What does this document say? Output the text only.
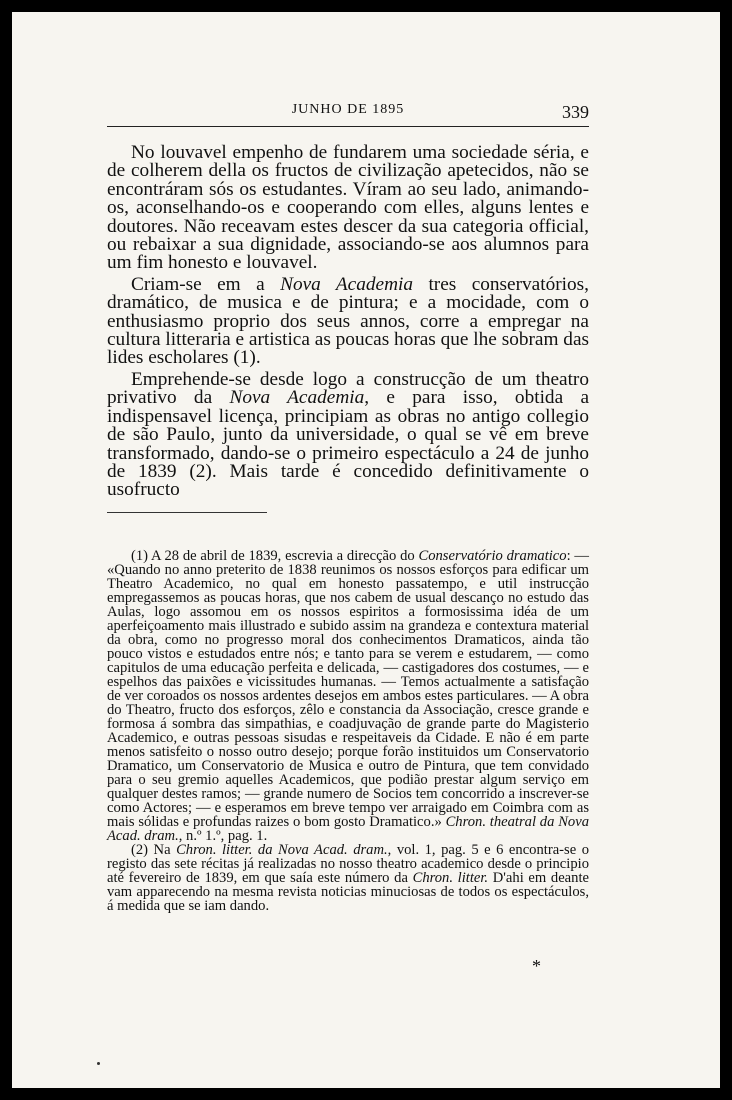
JUNHO DE 1895	339

No louvavel empenho de fundarem uma sociedade séria, e de colherem della os fructos de civilização apetecidos, não se encontráram sós os estudantes. Víram ao seu lado, animando-os, aconselhando-os e cooperando com elles, alguns lentes e doutores. Não receavam estes descer da sua categoria official, ou rebaixar a sua dignidade, associando-se aos alumnos para um fim honesto e louvavel.

Criam-se em a Nova Academia tres conservatórios, dramático, de musica e de pintura; e a mocidade, com o enthusiasmo proprio dos seus annos, corre a empregar na cultura litteraria e artistica as poucas horas que lhe sobram das lides escholares (1).

Emprehende-se desde logo a construcção de um theatro privativo da Nova Academia, e para isso, obtida a indispensavel licença, principiam as obras no antigo collegio de são Paulo, junto da universidade, o qual se vê em breve transformado, dando-se o primeiro espectáculo a 24 de junho de 1839 (2). Mais tarde é concedido definitivamente o usofructo

(1) A 28 de abril de 1839, escrevia a direcção do Conservatório dramatico: — «Quando no anno preterito de 1838 reunimos os nossos esforços para edificar um Theatro Academico, no qual em honesto passatempo, e util instrucção empregassemos as poucas horas, que nos cabem de usual descanço no estudo das Aulas, logo assomou em os nossos espiritos a formosissima idéa de um aperfeiçoamento mais illustrado e subido assim na grandeza e contextura material da obra, como no progresso moral dos conhecimentos Dramaticos, ainda tão pouco vistos e estudados entre nós; e tanto para se verem e estudarem, — como capitulos de uma educação perfeita e delicada, — castigadores dos costumes, — e espelhos das paixões e vicissitudes humanas. — Temos actualmente a satisfação de ver coroados os nossos ardentes desejos em ambos estes particulares. — A obra do Theatro, fructo dos esforços, zêlo e constancia da Associação, cresce grande e formosa á sombra das simpathias, e coadjuvação de grande parte do Magisterio Academico, e outras pessoas sisudas e respeitaveis da Cidade. E não é em parte menos satisfeito o nosso outro desejo; porque forão instituidos um Conservatorio Dramatico, um Conservatorio de Musica e outro de Pintura, que tem convidado para o seu gremio aquelles Academicos, que podião prestar algum serviço em qualquer destes ramos; — grande numero de Socios tem concorrido a inscrever-se como Actores; — e esperamos em breve tempo ver arraigado em Coimbra com as mais sólidas e profundas raizes o bom gosto Dramatico.» Chron. theatral da Nova Acad. dram., n.º 1.º, pag. 1.

(2) Na Chron. litter. da Nova Acad. dram., vol. 1, pag. 5 e 6 encontra-se o registo das sete récitas já realizadas no nosso theatro academico desde o principio até fevereiro de 1839, em que saía este número da Chron. litter. D'ahi em deante vam apparecendo na mesma revista noticias minuciosas de todos os espectáculos, á medida que se iam dando.

*
